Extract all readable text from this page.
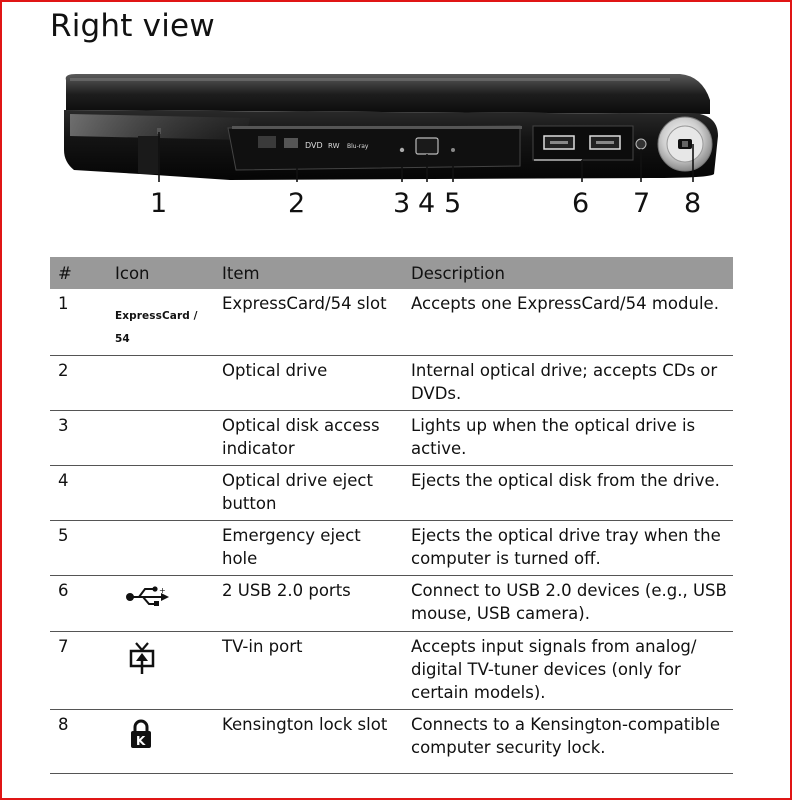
Right view
DVD RW Blu-ray
1	2	3 4 5	6 7 8
#	Icon	Item	Description
1	ExpressCard / 54	ExpressCard/54 slot	Accepts one ExpressCard/54 module.
2		Optical drive	Internal optical drive; accepts CDs or DVDs.
3		Optical disk access indicator	Lights up when the optical drive is active.
4		Optical drive eject button	Ejects the optical disk from the drive.
5		Emergency eject hole	Ejects the optical drive tray when the computer is turned off.
6	+	2 USB 2.0 ports	Connect to USB 2.0 devices (e.g., USB mouse, USB camera).
7		TV-in port	Accepts input signals from analog/ digital TV-tuner devices (only for certain models).
8	K	Kensington lock slot	Connects to a Kensington-compatible computer security lock.
